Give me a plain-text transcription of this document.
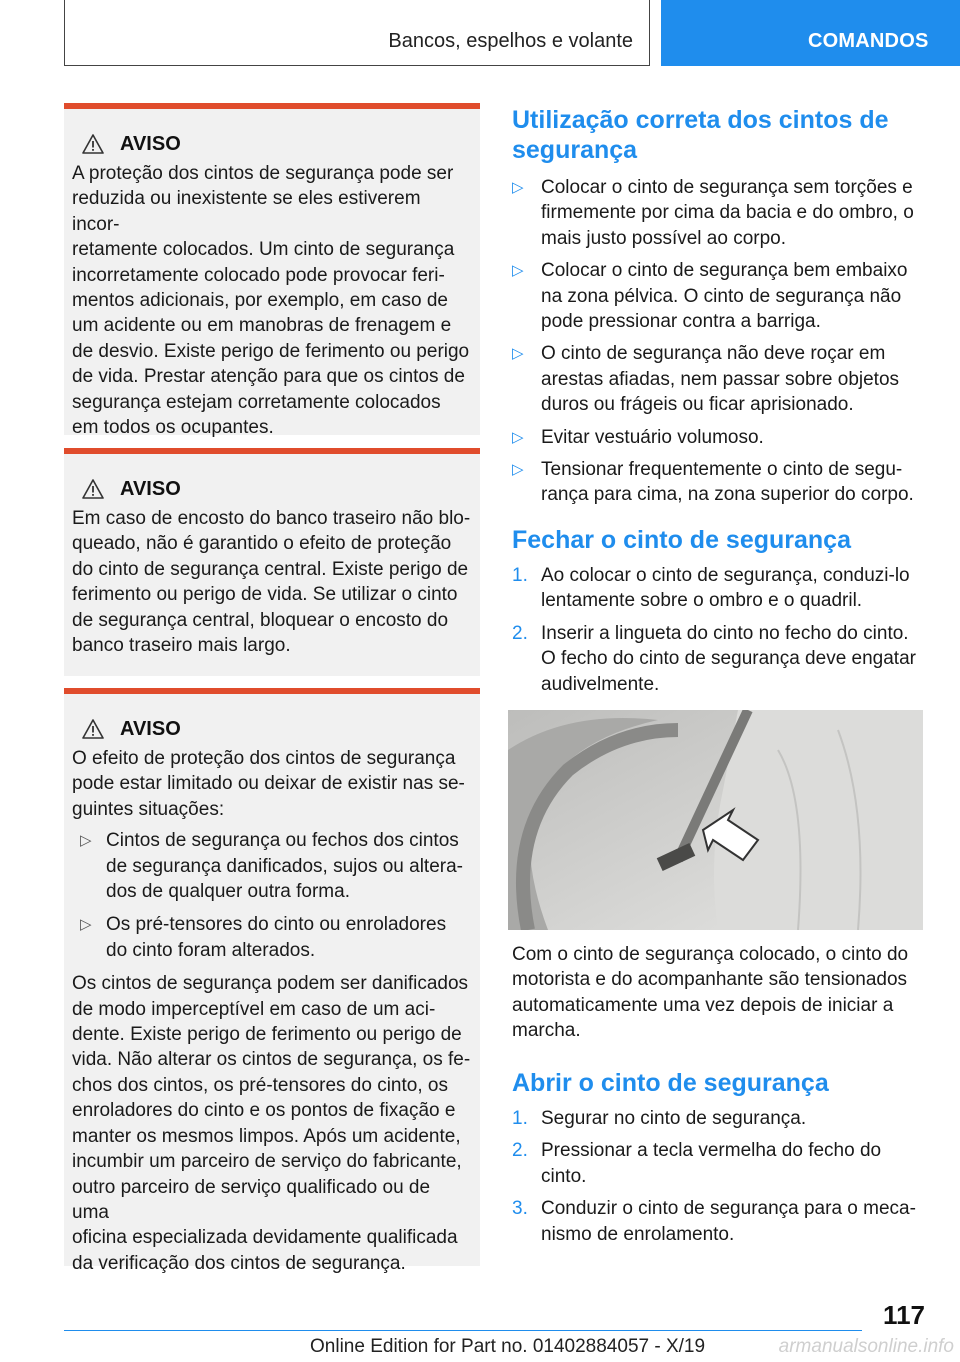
Bancos, espelhos e volante	COMANDOS
AVISO

A proteção dos cintos de segurança pode ser
reduzida ou inexistente se eles estiverem incor-
retamente colocados. Um cinto de segurança
incorretamente colocado pode provocar feri-
mentos adicionais, por exemplo, em caso de
um acidente ou em manobras de frenagem e
de desvio. Existe perigo de ferimento ou perigo
de vida. Prestar atenção para que os cintos de
segurança estejam corretamente colocados
em todos os ocupantes.

AVISO

Em caso de encosto do banco traseiro não blo-
queado, não é garantido o efeito de proteção
do cinto de segurança central. Existe perigo de
ferimento ou perigo de vida. Se utilizar o cinto
de segurança central, bloquear o encosto do
banco traseiro mais largo.

AVISO

O efeito de proteção dos cintos de segurança
pode estar limitado ou deixar de existir nas se-
guintes situações:

▷ Cintos de segurança ou fechos dos cintos
de segurança danificados, sujos ou altera-
dos de qualquer outra forma.
▷ Os pré-tensores do cinto ou enroladores
do cinto foram alterados.

Os cintos de segurança podem ser danificados
de modo imperceptível em caso de um aci-
dente. Existe perigo de ferimento ou perigo de
vida. Não alterar os cintos de segurança, os fe-
chos dos cintos, os pré-tensores do cinto, os
enroladores do cinto e os pontos de fixação e
manter os mesmos limpos. Após um acidente,
incumbir um parceiro de serviço do fabricante,
outro parceiro de serviço qualificado ou de uma
oficina especializada devidamente qualificada
da verificação dos cintos de segurança.

Utilização correta dos cintos de
segurança
▷ Colocar o cinto de segurança sem torções e
firmemente por cima da bacia e do ombro, o
mais justo possível ao corpo.
▷ Colocar o cinto de segurança bem embaixo
na zona pélvica. O cinto de segurança não
pode pressionar contra a barriga.
▷ O cinto de segurança não deve roçar em
arestas afiadas, nem passar sobre objetos
duros ou frágeis ou ficar aprisionado.
▷ Evitar vestuário volumoso.
▷ Tensionar frequentemente o cinto de segu-
rança para cima, na zona superior do corpo.
Fechar o cinto de segurança
1. Ao colocar o cinto de segurança, conduzi-lo
lentamente sobre o ombro e o quadril.
2. Inserir a lingueta do cinto no fecho do cinto.
O fecho do cinto de segurança deve engatar
audivelmente.

Com o cinto de segurança colocado, o cinto do
motorista e do acompanhante são tensionados
automaticamente uma vez depois de iniciar a
marcha.

Abrir o cinto de segurança
1. Segurar no cinto de segurança.
2. Pressionar a tecla vermelha do fecho do
cinto.
3. Conduzir o cinto de segurança para o meca-
nismo de enrolamento.
117
Online Edition for Part no. 01402884057 - X/19	armanualsonline.info
